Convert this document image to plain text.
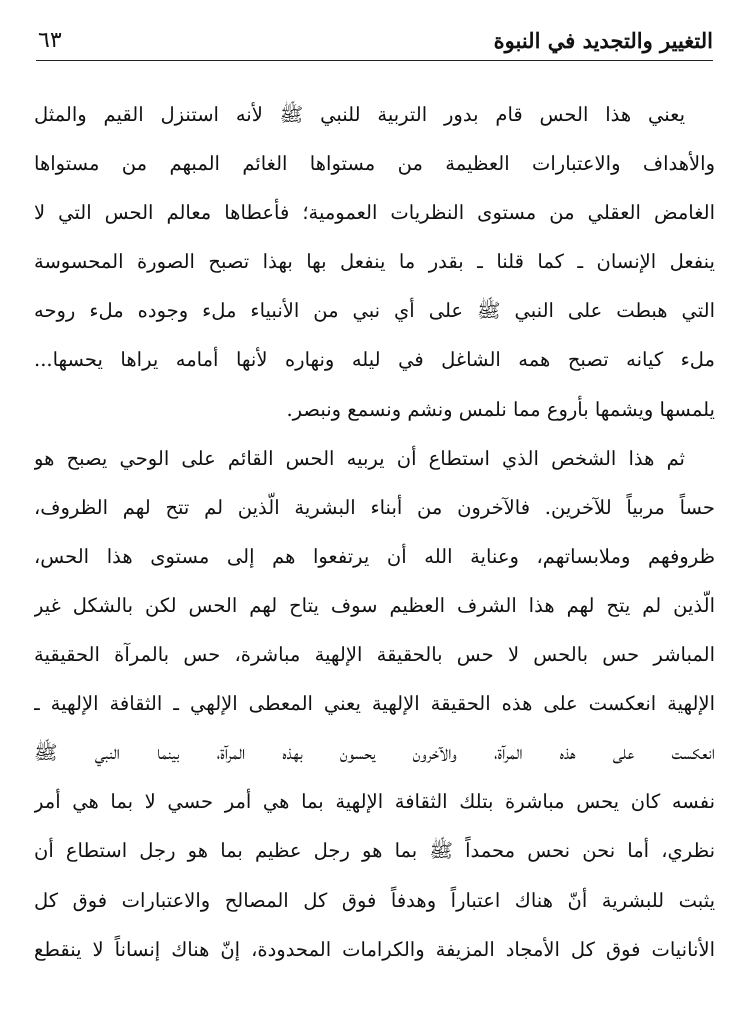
التغيير والتجديد في النبوة
٦٣
يعني هذا الحس قام بدور التربية للنبي ﷺ لأنه استنزل القيم والمثل
والأهداف والاعتبارات العظيمة من مستواها الغائم المبهم من مستواها
الغامض العقلي من مستوى النظريات العمومية؛ فأعطاها معالم الحس التي لا
ينفعل الإنسان ـ كما قلنا ـ بقدر ما ينفعل بها بهذا تصبح الصورة المحسوسة
التي هبطت على النبي ﷺ على أي نبي من الأنبياء ملء وجوده ملء روحه
ملء كيانه تصبح همه الشاغل في ليله ونهاره لأنها أمامه يراها يحسها...
يلمسها ويشمها بأروع مما نلمس ونشم ونسمع ونبصر.
ثم هذا الشخص الذي استطاع أن يربيه الحس القائم على الوحي يصبح هو
حساً مربياً للآخرين. فالآخرون من أبناء البشرية الّذين لم تتح لهم الظروف،
ظروفهم وملابساتهم، وعناية الله أن يرتفعوا هم إلى مستوى هذا الحس،
الّذين لم يتح لهم هذا الشرف العظيم سوف يتاح لهم الحس لكن بالشكل غير
المباشر حس بالحس لا حس بالحقيقة الإلهية مباشرة، حس بالمرآة الحقيقية
الإلهية انعكست على هذه الحقيقة الإلهية يعني المعطى الإلهي ـ الثقافة الإلهية ـ
انعكست على هذه المرآة، والآخرون يحسون بهذه المرآة، بينما النبي ﷺ
نفسه كان يحس مباشرة بتلك الثقافة الإلهية بما هي أمر حسي لا بما هي أمر
نظري، أما نحن نحس محمداً ﷺ بما هو رجل عظيم بما هو رجل استطاع أن
يثبت للبشرية أنّ هناك اعتباراً وهدفاً فوق كل المصالح والاعتبارات فوق كل
الأنانيات فوق كل الأمجاد المزيفة والكرامات المحدودة، إنّ هناك إنساناً لا ينقطع
